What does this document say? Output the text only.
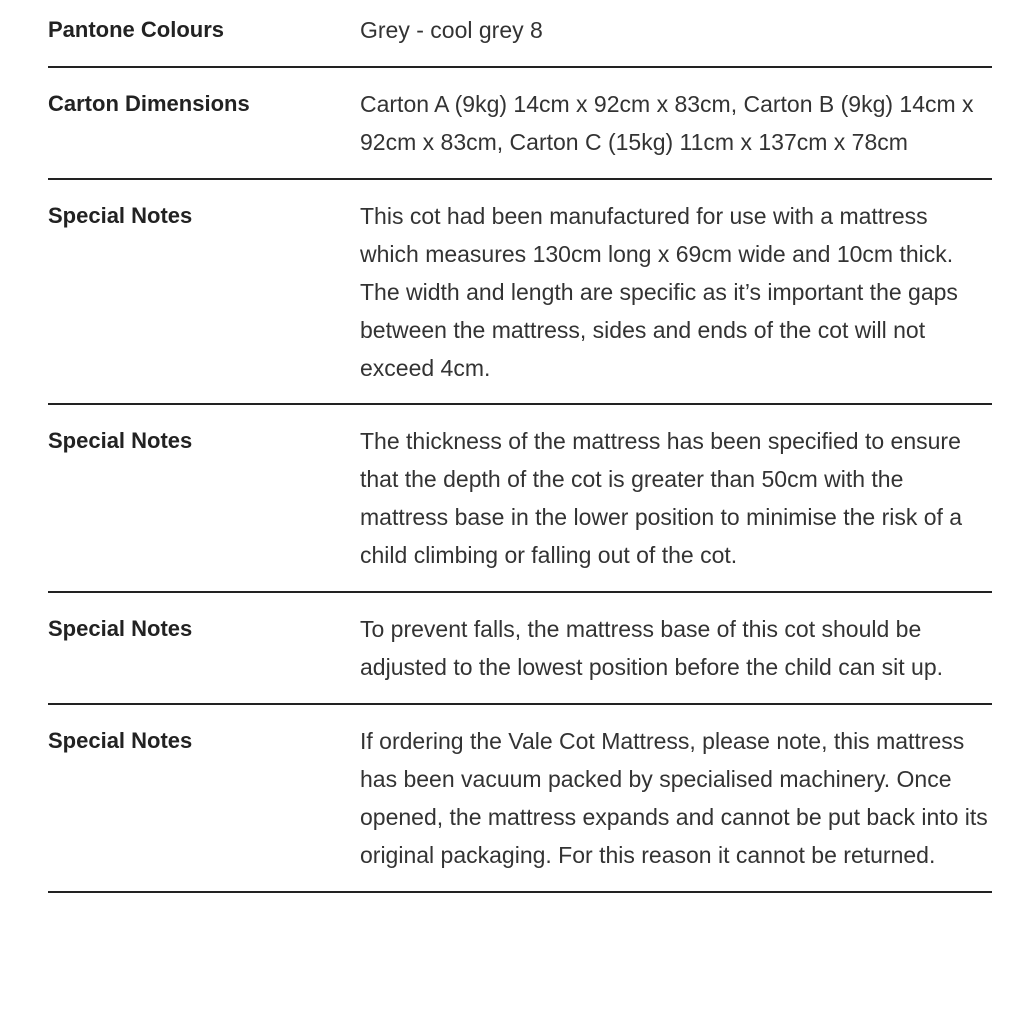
Pantone Colours	Grey - cool grey 8
Carton Dimensions	Carton A (9kg) 14cm x 92cm x 83cm, Carton B (9kg) 14cm x 92cm x 83cm, Carton C (15kg) 11cm x 137cm x 78cm
Special Notes	This cot had been manufactured for use with a mattress which measures 130cm long x 69cm wide and 10cm thick. The width and length are specific as it’s important the gaps between the mattress, sides and ends of the cot will not exceed 4cm.
Special Notes	The thickness of the mattress has been specified to ensure that the depth of the cot is greater than 50cm with the mattress base in the lower position to minimise the risk of a child climbing or falling out of the cot.
Special Notes	To prevent falls, the mattress base of this cot should be adjusted to the lowest position before the child can sit up.
Special Notes	If ordering the Vale Cot Mattress, please note, this mattress has been vacuum packed by specialised machinery. Once opened, the mattress expands and cannot be put back into its original packaging. For this reason it cannot be returned.
